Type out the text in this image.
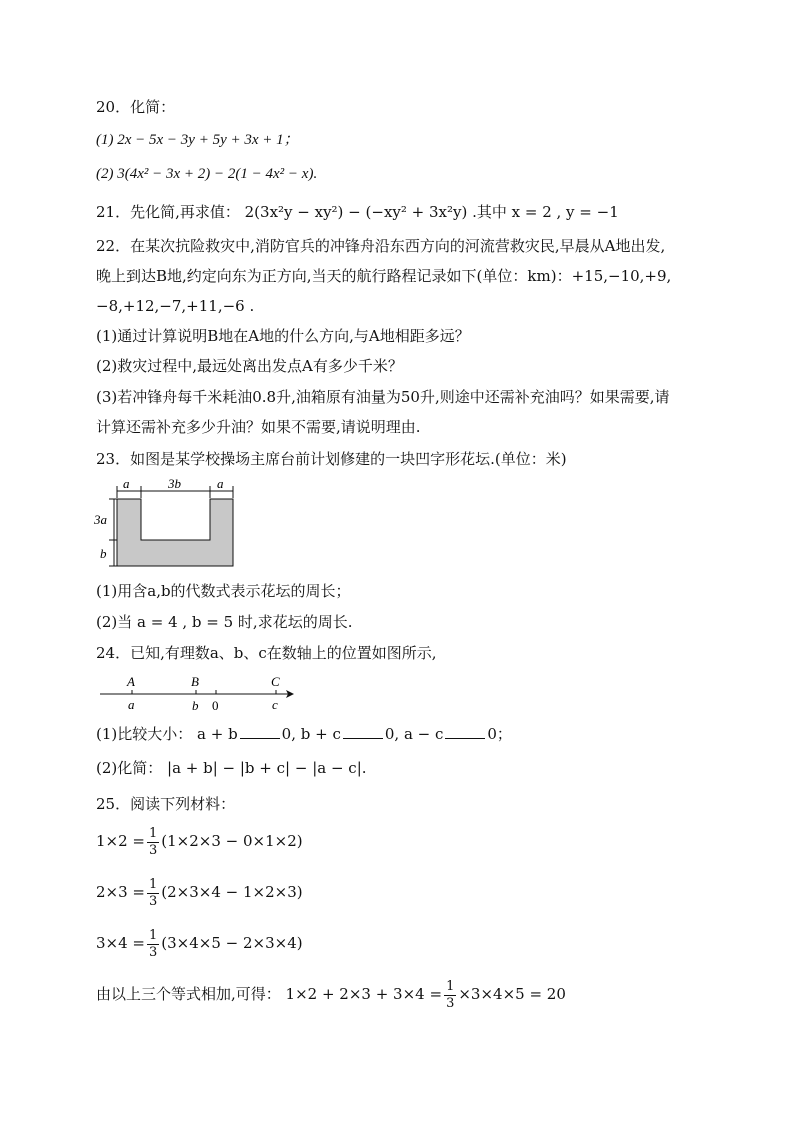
20．化简：
(1) 2x − 5x − 3y + 5y + 3x + 1；
(2) 3(4x² − 3x + 2) − 2(1 − 4x² − x).
21．先化简,再求值： 2(3x²y − xy²) − (−xy² + 3x²y) .其中 x = 2 , y = −1
22．在某次抗险救灾中,消防官兵的冲锋舟沿东西方向的河流营救灾民,早晨从A地出发,
晚上到达B地,约定向东为正方向,当天的航行路程记录如下(单位：km)：+15,−10,+9,
−8,+12,−7,+11,−6 .
(1)通过计算说明B地在A地的什么方向,与A地相距多远？
(2)救灾过程中,最远处离出发点A有多少千米？
(3)若冲锋舟每千米耗油0.8升,油箱原有油量为50升,则途中还需补充油吗？如果需要,请
计算还需补充多少升油？如果不需要,请说明理由.
23．如图是某学校操场主席台前计划修建的一块凹字形花坛.(单位：米)
a	3b	a
3a
b
(1)用含a,b的代数式表示花坛的周长；
(2)当 a = 4 , b = 5 时,求花坛的周长.
24．已知,有理数a、b、c在数轴上的位置如图所示,
A
a
B
b 0
C
c
(1)比较大小： a + b	0, b + c	0, a − c	0；
(2)化简： |a + b| − |b + c| − |a − c|.
25．阅读下列材料：
$1\times 2 = \frac{1}{3} (1\times 2\times 3 - 0\times 1\times 2)$
$2\times 3 = \frac{1}{3} (2\times 3\times 4 - 1\times 2\times 3)$
$3\times 4 = \frac{1}{3} (3\times 4\times 5 - 2\times 3\times 4)$
由以上三个等式相加,可得： $1\times 2 + 2\times 3 + 3\times 4 = \frac{1}{3} \times 3\times 4\times 5 = 20$
